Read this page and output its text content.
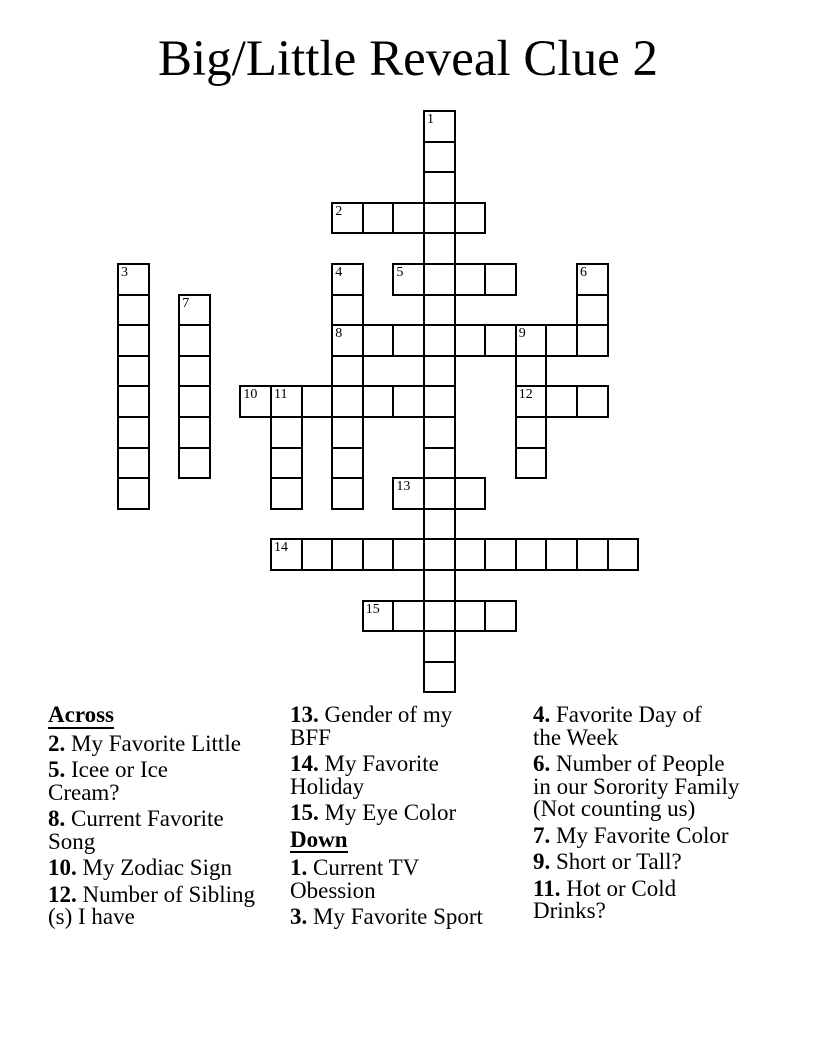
Big/Little Reveal Clue 2
1
2
3	4
8
5	6
7
9
12
10 11
13
14
15

Across

2. My Favorite Little

5. Icee or Ice
Cream?

8. Current Favorite
Song

10. My Zodiac Sign

12. Number of Sibling
(s) I have

13. Gender of my
BFF

14. My Favorite
Holiday

15. My Eye Color

Down

1. Current TV
Obession

3. My Favorite Sport

4. Favorite Day of
the Week

6. Number of People
in our Sorority Family
(Not counting us)

7. My Favorite Color

9. Short or Tall?

11. Hot or Cold
Drinks?
